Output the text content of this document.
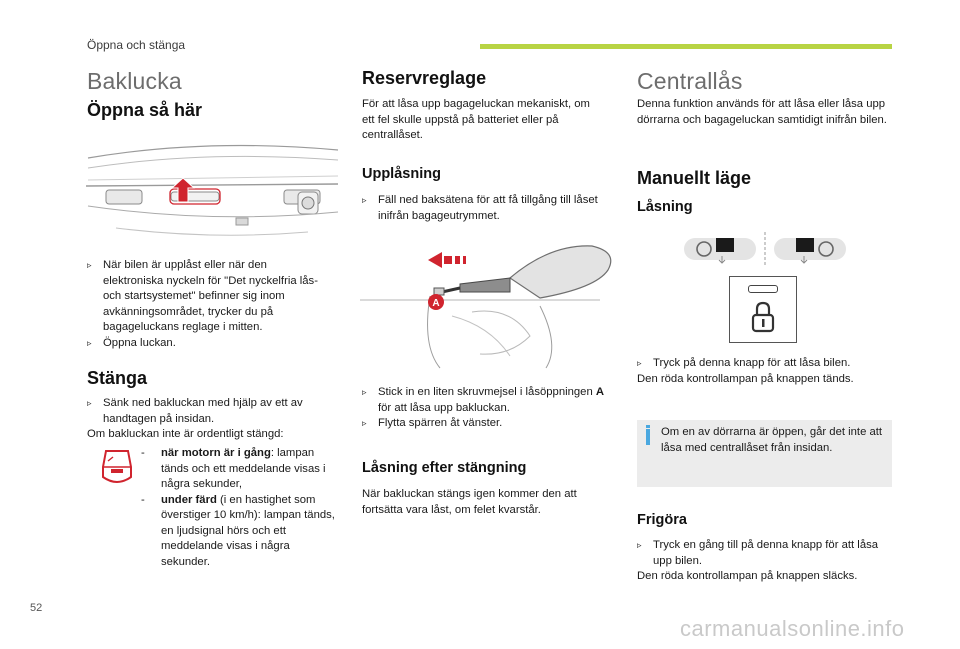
Öppna och stänga
Baklucka
Öppna så här
▹ När bilen är upplåst eller när den elektroniska nyckeln för "Det nyckelfria lås- och startsystemet" befinner sig inom avkänningsområdet, trycker du på bagageluckans reglage i mitten.
▹ Öppna luckan.
Stänga
▹ Sänk ned bakluckan med hjälp av ett av handtagen på insidan.
Om bakluckan inte är ordentligt stängd:
- när motorn är i gång: lampan tänds och ett meddelande visas i några sekunder,
- under färd (i en hastighet som överstiger 10 km/h): lampan tänds, en ljudsignal hörs och ett meddelande visas i några sekunder.
Reservreglage
För att låsa upp bagageluckan mekaniskt, om ett fel skulle uppstå på batteriet eller på centrallåset.
Upplåsning
▹ Fäll ned baksätena för att få tillgång till låset inifrån bagageutrymmet.
A
▹ Stick in en liten skruvmejsel i låsöppningen A för att låsa upp bakluckan.
▹ Flytta spärren åt vänster.
Låsning efter stängning
När bakluckan stängs igen kommer den att fortsätta vara låst, om felet kvarstår.
Centrallås
Denna funktion används för att låsa eller låsa upp dörrarna och bagageluckan samtidigt inifrån bilen.
Manuellt läge
Låsning
▹ Tryck på denna knapp för att låsa bilen.
Den röda kontrollampan på knappen tänds.
Om en av dörrarna är öppen, går det inte att låsa med centrallåset från insidan.
Frigöra
▹ Tryck en gång till på denna knapp för att låsa upp bilen.
Den röda kontrollampan på knappen släcks.
52
carmanualsonline.info
